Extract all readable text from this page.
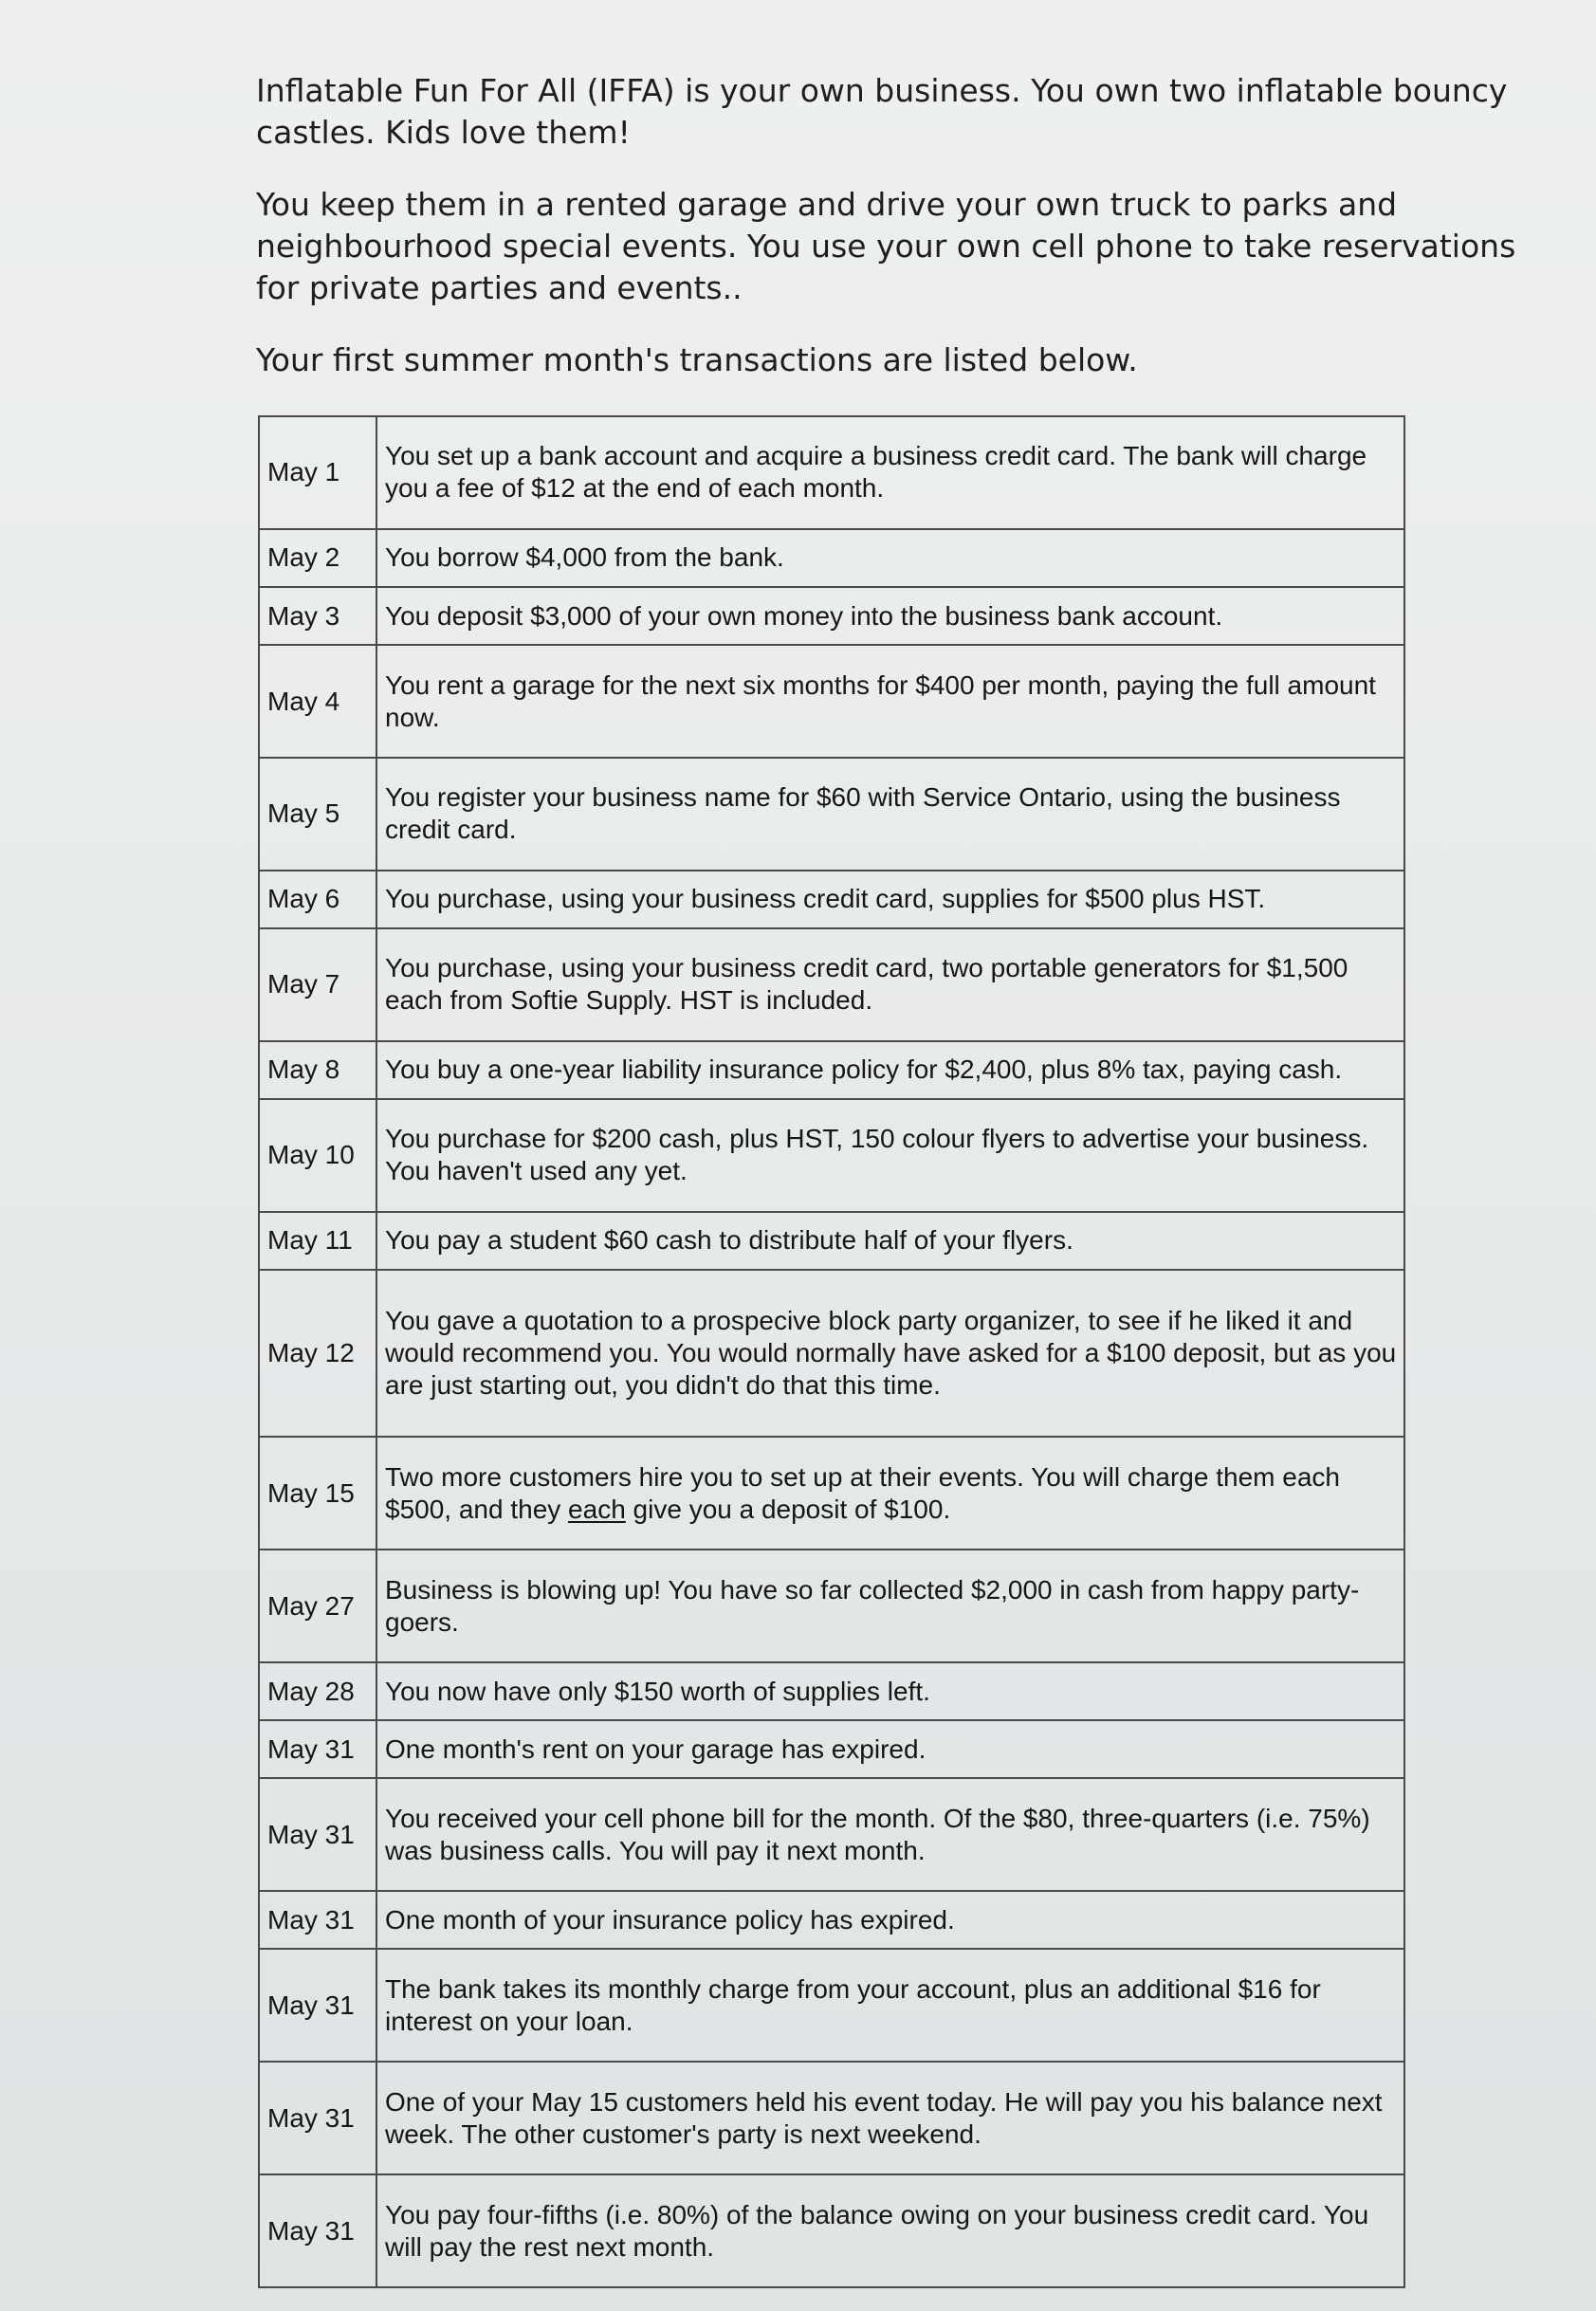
Inflatable Fun For All (IFFA) is your own business. You own two inflatable bouncy castles. Kids love them!

You keep them in a rented garage and drive your own truck to parks and neighbourhood special events. You use your own cell phone to take reservations for private parties and events..

Your first summer month's transactions are listed below.

May 1	You set up a bank account and acquire a business credit card. The bank will charge you a fee of $12 at the end of each month.
May 2	You borrow $4,000 from the bank.
May 3	You deposit $3,000 of your own money into the business bank account.
May 4	You rent a garage for the next six months for $400 per month, paying the full amount now.
May 5	You register your business name for $60 with Service Ontario, using the business credit card.
May 6	You purchase, using your business credit card, supplies for $500 plus HST.
May 7	You purchase, using your business credit card, two portable generators for $1,500 each from Softie Supply. HST is included.
May 8	You buy a one-year liability insurance policy for $2,400, plus 8% tax, paying cash.
May 10	You purchase for $200 cash, plus HST, 150 colour flyers to advertise your business. You haven't used any yet.
May 11	You pay a student $60 cash to distribute half of your flyers.
May 12	You gave a quotation to a prospecive block party organizer, to see if he liked it and would recommend you. You would normally have asked for a $100 deposit, but as you are just starting out, you didn't do that this time.
May 15	Two more customers hire you to set up at their events. You will charge them each $500, and they each give you a deposit of $100.
May 27	Business is blowing up! You have so far collected $2,000 in cash from happy party-goers.
May 28	You now have only $150 worth of supplies left.
May 31	One month's rent on your garage has expired.
May 31	You received your cell phone bill for the month. Of the $80, three-quarters (i.e. 75%) was business calls. You will pay it next month.
May 31	One month of your insurance policy has expired.
May 31	The bank takes its monthly charge from your account, plus an additional $16 for interest on your loan.
May 31	One of your May 15 customers held his event today. He will pay you his balance next week. The other customer's party is next weekend.
May 31	You pay four-fifths (i.e. 80%) of the balance owing on your business credit card. You will pay the rest next month.
